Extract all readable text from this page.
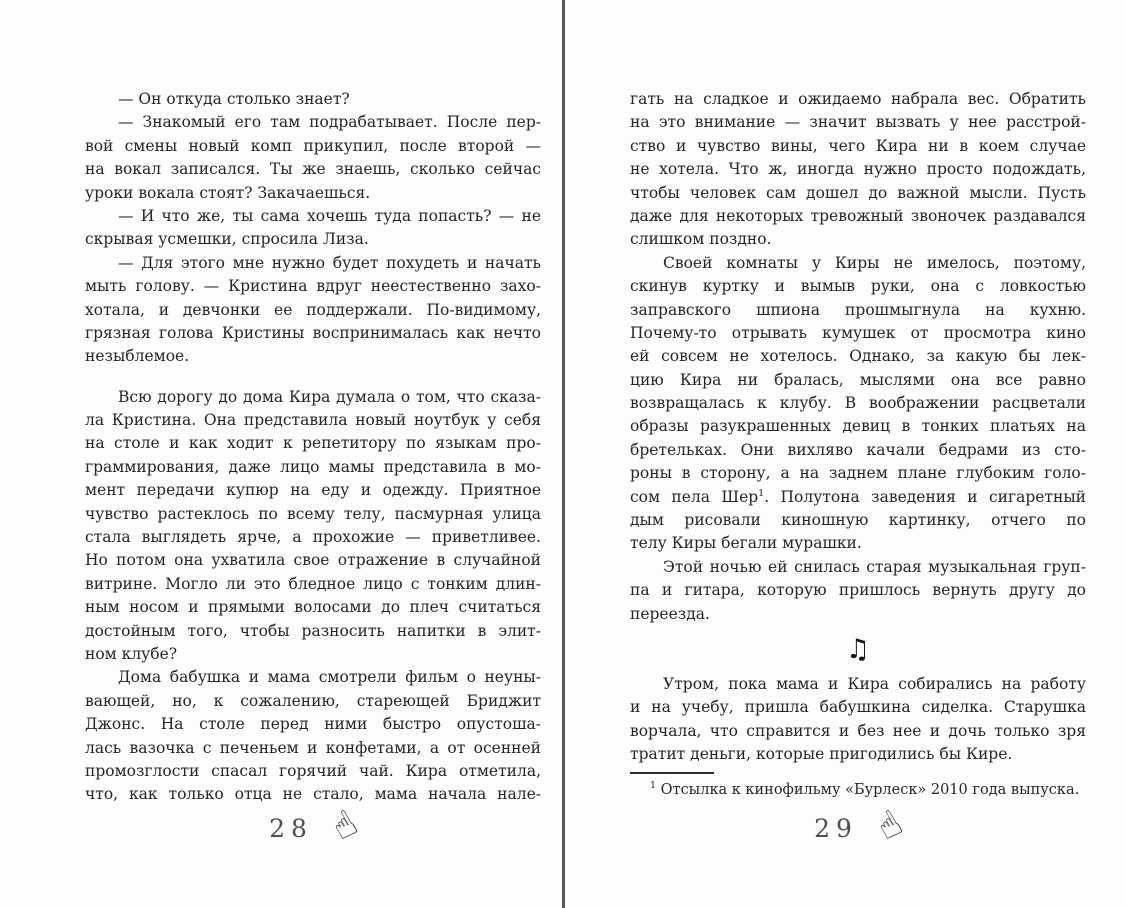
— Он откуда столько знает?
— Знакомый его там подрабатывает. После пер-
вой смены новый комп прикупил, после второй —
на вокал записался. Ты же знаешь, сколько сейчас
уроки вокала стоят? Закачаешься.
— И что же, ты сама хочешь туда попасть? — не
скрывая усмешки, спросила Лиза.
— Для этого мне нужно будет похудеть и начать
мыть голову. — Кристина вдруг неестественно захо-
хотала, и девчонки ее поддержали. По-видимому,
грязная голова Кристины воспринималась как нечто
незыблемое.
Всю дорогу до дома Кира думала о том, что сказа-
ла Кристина. Она представила новый ноутбук у себя
на столе и как ходит к репетитору по языкам про-
граммирования, даже лицо мамы представила в мо-
мент передачи купюр на еду и одежду. Приятное
чувство растеклось по всему телу, пасмурная улица
стала выглядеть ярче, а прохожие — приветливее.
Но потом она ухватила свое отражение в случайной
витрине. Могло ли это бледное лицо с тонким длин-
ным носом и прямыми волосами до плеч считаться
достойным того, чтобы разносить напитки в элит-
ном клубе?
Дома бабушка и мама смотрели фильм о неуны-
вающей, но, к сожалению, стареющей Бриджит
Джонс. На столе перед ними быстро опустоша-
лась вазочка с печеньем и конфетами, а от осенней
промозглости спасал горячий чай. Кира отметила,
что, как только отца не стало, мама начала нале-
гать на сладкое и ожидаемо набрала вес. Обратить
на это внимание — значит вызвать у нее расстрой-
ство и чувство вины, чего Кира ни в коем случае
не хотела. Что ж, иногда нужно просто подождать,
чтобы человек сам дошел до важной мысли. Пусть
даже для некоторых тревожный звоночек раздавался
слишком поздно.
Своей комнаты у Киры не имелось, поэтому,
скинув куртку и вымыв руки, она с ловкостью
заправского шпиона прошмыгнула на кухню.
Почему-то отрывать кумушек от просмотра кино
ей совсем не хотелось. Однако, за какую бы лек-
цию Кира ни бралась, мыслями она все равно
возвращалась к клубу. В воображении расцветали
образы разукрашенных девиц в тонких платьях на
бретельках. Они вихляво качали бедрами из сто-
роны в сторону, а на заднем плане глубоким голо-
сом пела Шер$^1$. Полутона заведения и сигаретный
дым рисовали киношную картинку, отчего по
телу Киры бегали мурашки.
Этой ночью ей снилась старая музыкальная груп-
па и гитара, которую пришлось вернуть другу до
переезда.
♫
Утром, пока мама и Кира собирались на работу
и на учебу, пришла бабушкина сиделка. Старушка
ворчала, что справится и без нее и дочь только зря
тратит деньги, которые пригодились бы Кире.
$^1$ Отсылка к кинофильму «Бурлеск» 2010 года выпуска.
28 ☝	29 ☝
